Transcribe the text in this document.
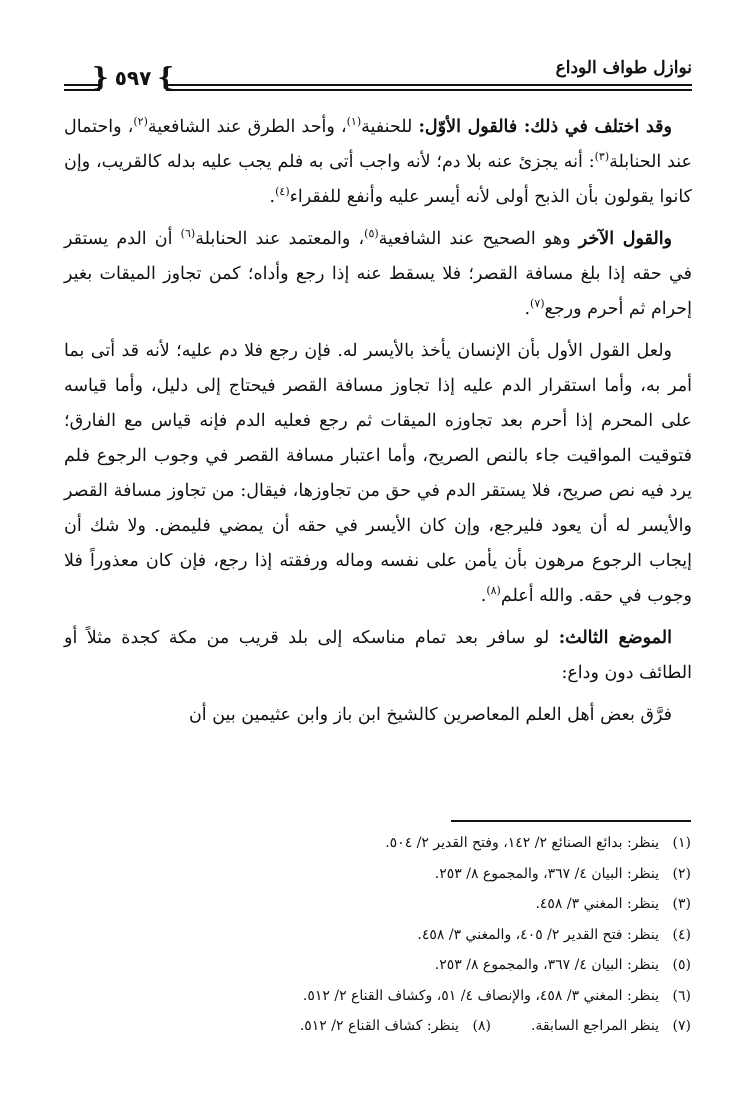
نوازل طواف الوداع
}
٥٩٧
{

وقد اختلف في ذلك: فالقول الأوّل: للحنفية$^{(١)}$، وأحد الطرق عند الشافعية$^{(٢)}$، واحتمال عند الحنابلة$^{(٣)}$: أنه يجزئ عنه بلا دم؛ لأنه واجب أتى به فلم يجب عليه بدله كالقريب، وإن كانوا يقولون بأن الذبح أولى لأنه أيسر عليه وأنفع للفقراء$^{(٤)}$.

والقول الآخر وهو الصحيح عند الشافعية$^{(٥)}$، والمعتمد عند الحنابلة$^{(٦)}$ أن الدم يستقر في حقه إذا بلغ مسافة القصر؛ فلا يسقط عنه إذا رجع وأداه؛ كمن تجاوز الميقات بغير إحرام ثم أحرم ورجع$^{(٧)}$.

ولعل القول الأول بأن الإنسان يأخذ بالأيسر له. فإن رجع فلا دم عليه؛ لأنه قد أتى بما أمر به، وأما استقرار الدم عليه إذا تجاوز مسافة القصر فيحتاج إلى دليل، وأما قياسه على المحرم إذا أحرم بعد تجاوزه الميقات ثم رجع فعليه الدم فإنه قياس مع الفارق؛ فتوقيت المواقيت جاء بالنص الصريح، وأما اعتبار مسافة القصر في وجوب الرجوع فلم يرد فيه نص صريح، فلا يستقر الدم في حق من تجاوزها، فيقال: من تجاوز مسافة القصر والأيسر له أن يعود فليرجع، وإن كان الأيسر في حقه أن يمضي فليمض. ولا شك أن إيجاب الرجوع مرهون بأن يأمن على نفسه وماله ورفقته إذا رجع، فإن كان معذوراً فلا وجوب في حقه. والله أعلم$^{(٨)}$.

الموضع الثالث: لو سافر بعد تمام مناسكه إلى بلد قريب من مكة كجدة مثلاً أو الطائف دون وداع:

فرَّق بعض أهل العلم المعاصرين كالشيخ ابن باز وابن عثيمين بين أن

(١)
ينظر: بدائع الصنائع ٢/ ١٤٢، وفتح القدير ٢/ ٥٠٤.
(٢)
ينظر: البيان ٤/ ٣٦٧، والمجموع ٨/ ٢٥٣.
(٣)
ينظر: المغني ٣/ ٤٥٨.
(٤)
ينظر: فتح القدير ٢/ ٤٠٥، والمغني ٣/ ٤٥٨.
(٥)
ينظر: البيان ٤/ ٣٦٧، والمجموع ٨/ ٢٥٣.
(٦)
ينظر: المغني ٣/ ٤٥٨، والإنصاف ٤/ ٥١، وكشاف القناع ٢/ ٥١٢.
(٧)
ينظر المراجع السابقة.
(٨)
ينظر: كشاف القناع ٢/ ٥١٢.
